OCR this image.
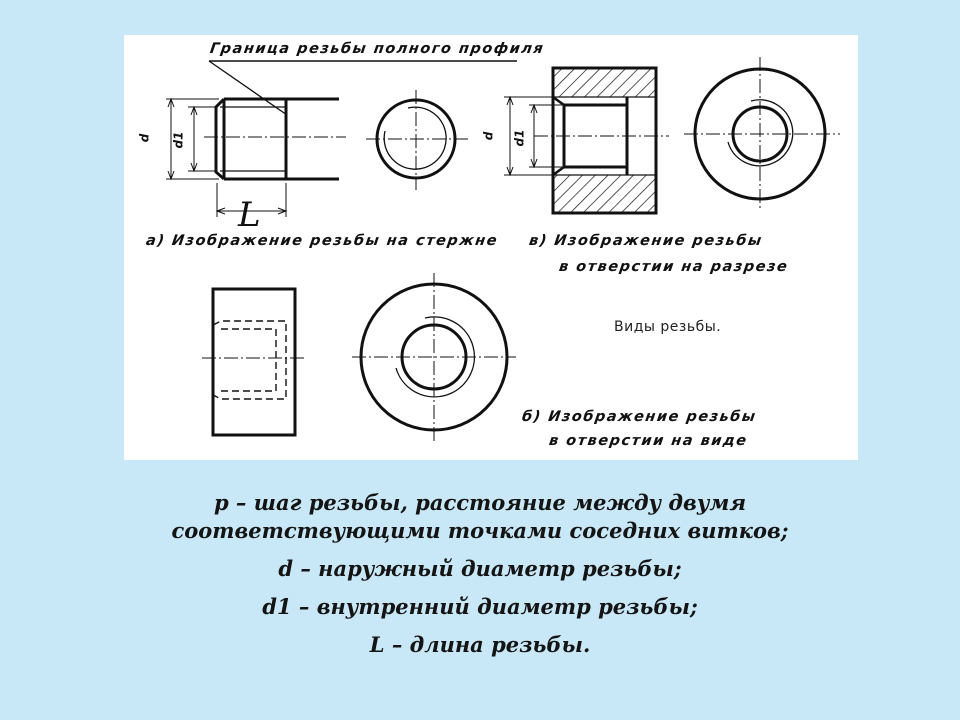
Граница резьбы полного профиля
а) Изображение резьбы на стержне в) Изображение резьбы
в отверстии на разрезе
б) Изображение резьбы
в отверстии на виде
Виды резьбы.
d d1	d d1
L
p – шаг резьбы, расстояние между двумя
соответствующими точками соседних витков;
d – наружный диаметр резьбы;
d1 – внутренний диаметр резьбы;
L – длина резьбы.
